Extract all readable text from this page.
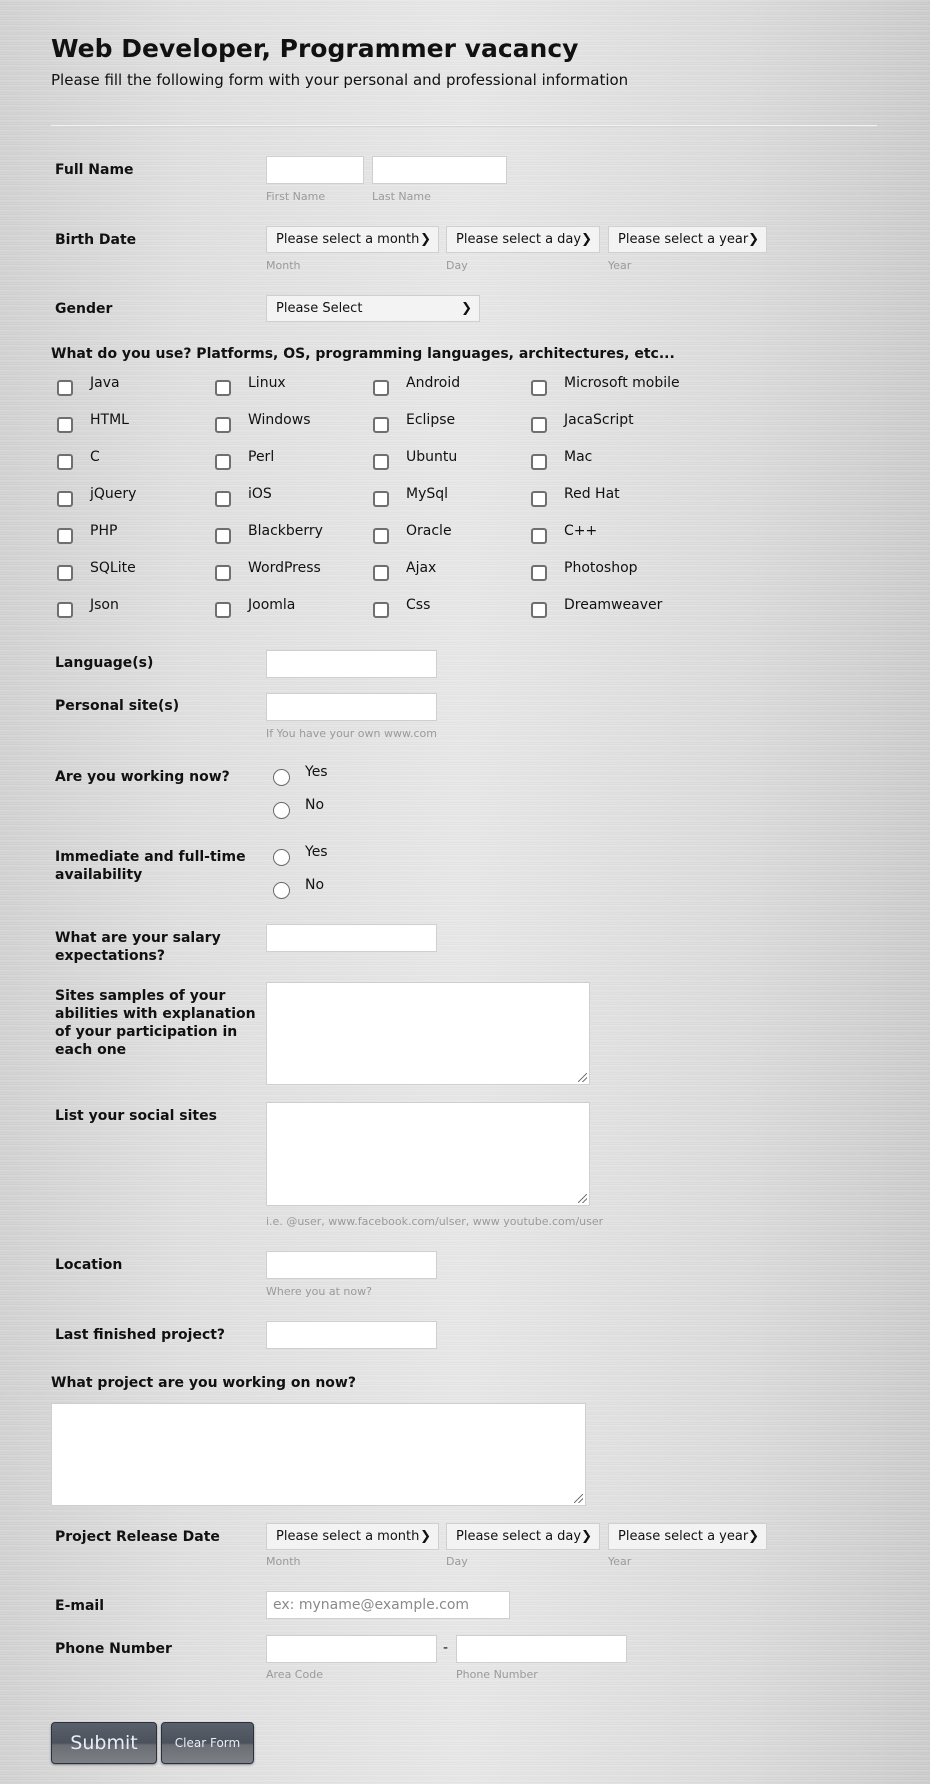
Web Developer, Programmer vacancy
Please fill the following form with your personal and professional information
Full Name
First Name	Last Name
Birth Date	Please select a month ❯	Please select a day ❯	Please select a year ❯
Month	Day	Year
Gender	Please Select	❯
What do you use? Platforms, OS, programming languages, architectures, etc...
Java	Linux	Android	Microsoft mobile
HTML	Windows	Eclipse	JacaScript
C	Perl	Ubuntu	Mac
jQuery	iOS	MySql	Red Hat
PHP	Blackberry	Oracle	C++
SQLite	WordPress	Ajax	Photoshop
Json	Joomla	Css	Dreamweaver
Language(s)
Personal site(s)
If You have your own www.com
Are you working now?	Yes
No
Immediate and full-time availability
Yes
No
What are your salary expectations?
Sites samples of your abilities with explanation of your participation in each one
List your social sites
i.e. @user, www.facebook.com/ulser, www youtube.com/user
Location
Where you at now?
Last finished project?
What project are you working on now?
Project Release Date	Please select a month ❯	Please select a day ❯	Please select a year ❯
Month	Day	Year
E-mail
ex: myname@example.com
Phone Number	-
Area Code	Phone Number
Submit	Clear Form
